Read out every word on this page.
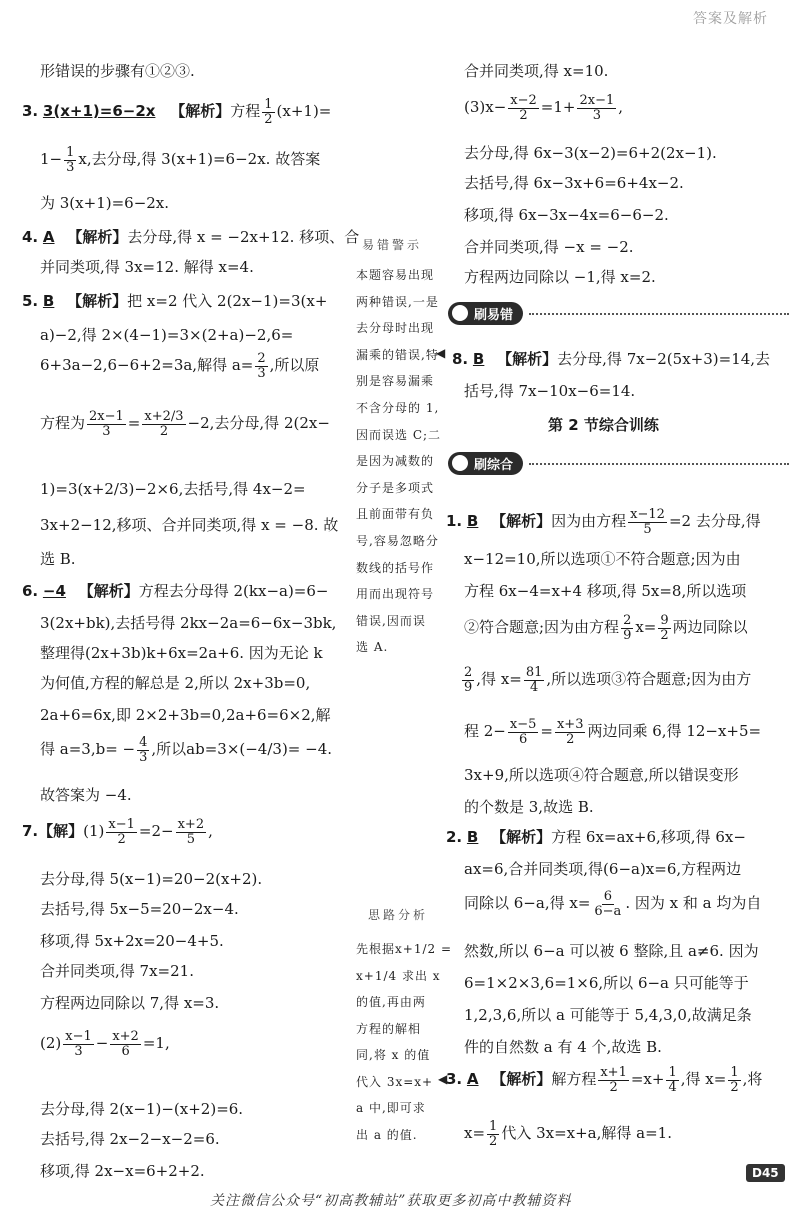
答案及解析
形错误的步骤有①②③.
3. 3(x+1)=6−2x 【解析】方程 $\frac{1}{2} (x+1)=$
$1- \frac{1}{3} x$,去分母,得 3(x+1)=6−2x. 故答案
为 3(x+1)=6−2x.
4. A 【解析】去分母,得 x = −2x+12. 移项、合
并同类项,得 3x=12. 解得 x=4.
5. B 【解析】把 x=2 代入 2(2x−1)=3(x+
a)−2,得 2×(4−1)=3×(2+a)−2,6=
6+3a−2,6−6+2=3a,解得 $a= \frac{2}{3}$ ,所以原
方程为 $\frac{2x-1}{3} = \frac{x+2/3}{2} -2$,去分母,得 2(2x−
1)=3(x+2/3)−2×6,去括号,得 4x−2=
3x+2−12,移项、合并同类项,得 x = −8. 故
选 B.
6. −4 【解析】方程去分母得 2(kx−a)=6−
3(2x+bk),去括号得 2kx−2a=6−6x−3bk,
整理得(2x+3b)k+6x=2a+6. 因为无论 k
为何值,方程的解总是 2,所以 2x+3b=0,
2a+6=6x,即 2×2+3b=0,2a+6=6×2,解
得 $a=3,b= - \frac{4}{3}$ ,所以ab=3×(−4/3)= −4.
故答案为 −4.
7.【解】$(1) \frac{x-1}{2} =2- \frac{x+2}{5}$ ,
去分母,得 5(x−1)=20−2(x+2).
去括号,得 5x−5=20−2x−4.
移项,得 5x+2x=20−4+5.
合并同类项,得 7x=21.
方程两边同除以 7,得 x=3.
$(2) \frac{x-1}{3} - \frac{x+2}{6} =1$,
去分母,得 2(x−1)−(x+2)=6.
去括号,得 2x−2−x−2=6.
移项,得 2x−x=6+2+2.
易错警示
本题容易出现
两种错误,一是
去分母时出现
漏乘的错误,特
别是容易漏乘
不含分母的 1,
因而误选 C;二
是因为减数的
分子是多项式
且前面带有负
号,容易忽略分
数线的括号作
用而出现符号
错误,因而误
选 A.
◀
思路分析
先根据x+1/2 =
x+1/4 求出 x
的值,再由两
方程的解相
同,将 x 的值
代入 3x=x+
a 中,即可求
出 a 的值.
◀
合并同类项,得 x=10.
$(3)x- \frac{x-2}{2} =1+ \frac{2x-1}{3}$ ,
去分母,得 6x−3(x−2)=6+2(2x−1).
去括号,得 6x−3x+6=6+4x−2.
移项,得 6x−3x−4x=6−6−2.
合并同类项,得 −x = −2.
方程两边同除以 −1,得 x=2.
刷易错
8. B 【解析】去分母,得 7x−2(5x+3)=14,去
括号,得 7x−10x−6=14.
第 2 节综合训练
刷综合
1. B 【解析】因为由方程 $\frac{x-12}{5} =2$ 去分母,得
x−12=10,所以选项①不符合题意;因为由
方程 6x−4=x+4 移项,得 5x=8,所以选项
②符合题意;因为由方程 $\frac{2}{9} x= \frac{9}{2}$ 两边同除以
$\frac{2}{9}$ ,得 $x= \frac{81}{4}$ ,所以选项③符合题意;因为由方
程 $2- \frac{x-5}{6} = \frac{x+3}{2}$ 两边同乘 6,得 12−x+5=
3x+9,所以选项④符合题意,所以错误变形
的个数是 3,故选 B.
2. B 【解析】方程 6x=ax+6,移项,得 6x−
ax=6,合并同类项,得(6−a)x=6,方程两边
同除以 6−a,得 $x= \frac{6}{6-a}$ . 因为 x 和 a 均为自
然数,所以 6−a 可以被 6 整除,且 a≠6. 因为
6=1×2×3,6=1×6,所以 6−a 只可能等于
1,2,3,6,所以 a 可能等于 5,4,3,0,故满足条
件的自然数 a 有 4 个,故选 B.
3. A 【解析】解方程 $\frac{x+1}{2} =x+ \frac{1}{4}$ ,得 $x= \frac{1}{2}$ ,将
$x= \frac{1}{2}$ 代入 3x=x+a,解得 a=1.
D45
关注微信公众号“初高教辅站”获取更多初高中教辅资料
